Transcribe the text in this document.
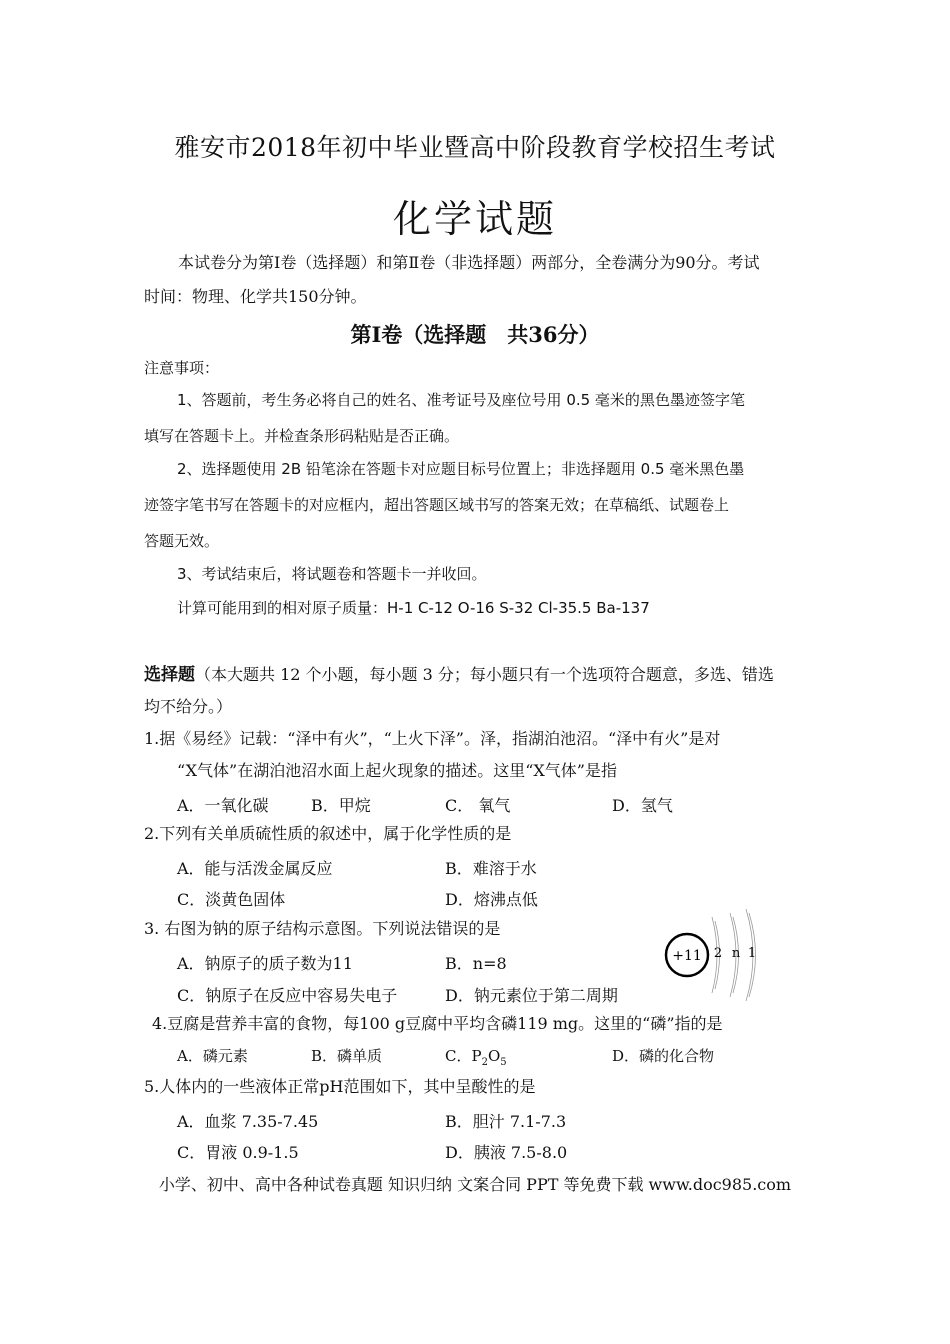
雅安市2018年初中毕业暨高中阶段教育学校招生考试
化学试题
本试卷分为第Ⅰ卷（选择题）和第Ⅱ卷（非选择题）两部分，全卷满分为90分。考试
时间：物理、化学共150分钟。
第Ⅰ卷（选择题　共36分）
注意事项：
1、答题前，考生务必将自己的姓名、准考证号及座位号用 0.5 毫米的黑色墨迹签字笔
填写在答题卡上。并检查条形码粘贴是否正确。
2、选择题使用 2B 铅笔涂在答题卡对应题目标号位置上；非选择题用 0.5 毫米黑色墨
迹签字笔书写在答题卡的对应框内，超出答题区域书写的答案无效；在草稿纸、试题卷上
答题无效。
3、考试结束后，将试题卷和答题卡一并收回。
计算可能用到的相对原子质量：H-1 C-12 O-16 S-32 Cl-35.5 Ba-137
选择题（本大题共 12 个小题，每小题 3 分；每小题只有一个选项符合题意，多选、错选
均不给分。）
1.据《易经》记载：“泽中有火”，“上火下泽”。泽，指湖泊池沼。“泽中有火”是对
“X气体”在湖泊池沼水面上起火现象的描述。这里“X气体”是指
A．一氧化碳	B．甲烷	C． 氧气	D．氢气
2.下列有关单质硫性质的叙述中，属于化学性质的是
A．能与活泼金属反应	B．难溶于水
C．淡黄色固体	D．熔沸点低
3. 右图为钠的原子结构示意图。下列说法错误的是
A．钠原子的质子数为11	B．n=8
C．钠原子在反应中容易失电子	D．钠元素位于第二周期
+11 2 n 1
4.豆腐是营养丰富的食物，每100 g豆腐中平均含磷119 mg。这里的“磷”指的是
A．磷元素	B．磷单质	C．$P_2O_5$	D．磷的化合物
5.人体内的一些液体正常pH范围如下，其中呈酸性的是
A．血浆 7.35-7.45	B．胆汁 7.1-7.3
C．胃液 0.9-1.5	D．胰液 7.5-8.0
小学、初中、高中各种试卷真题 知识归纳 文案合同 PPT 等免费下载 www.doc985.com
